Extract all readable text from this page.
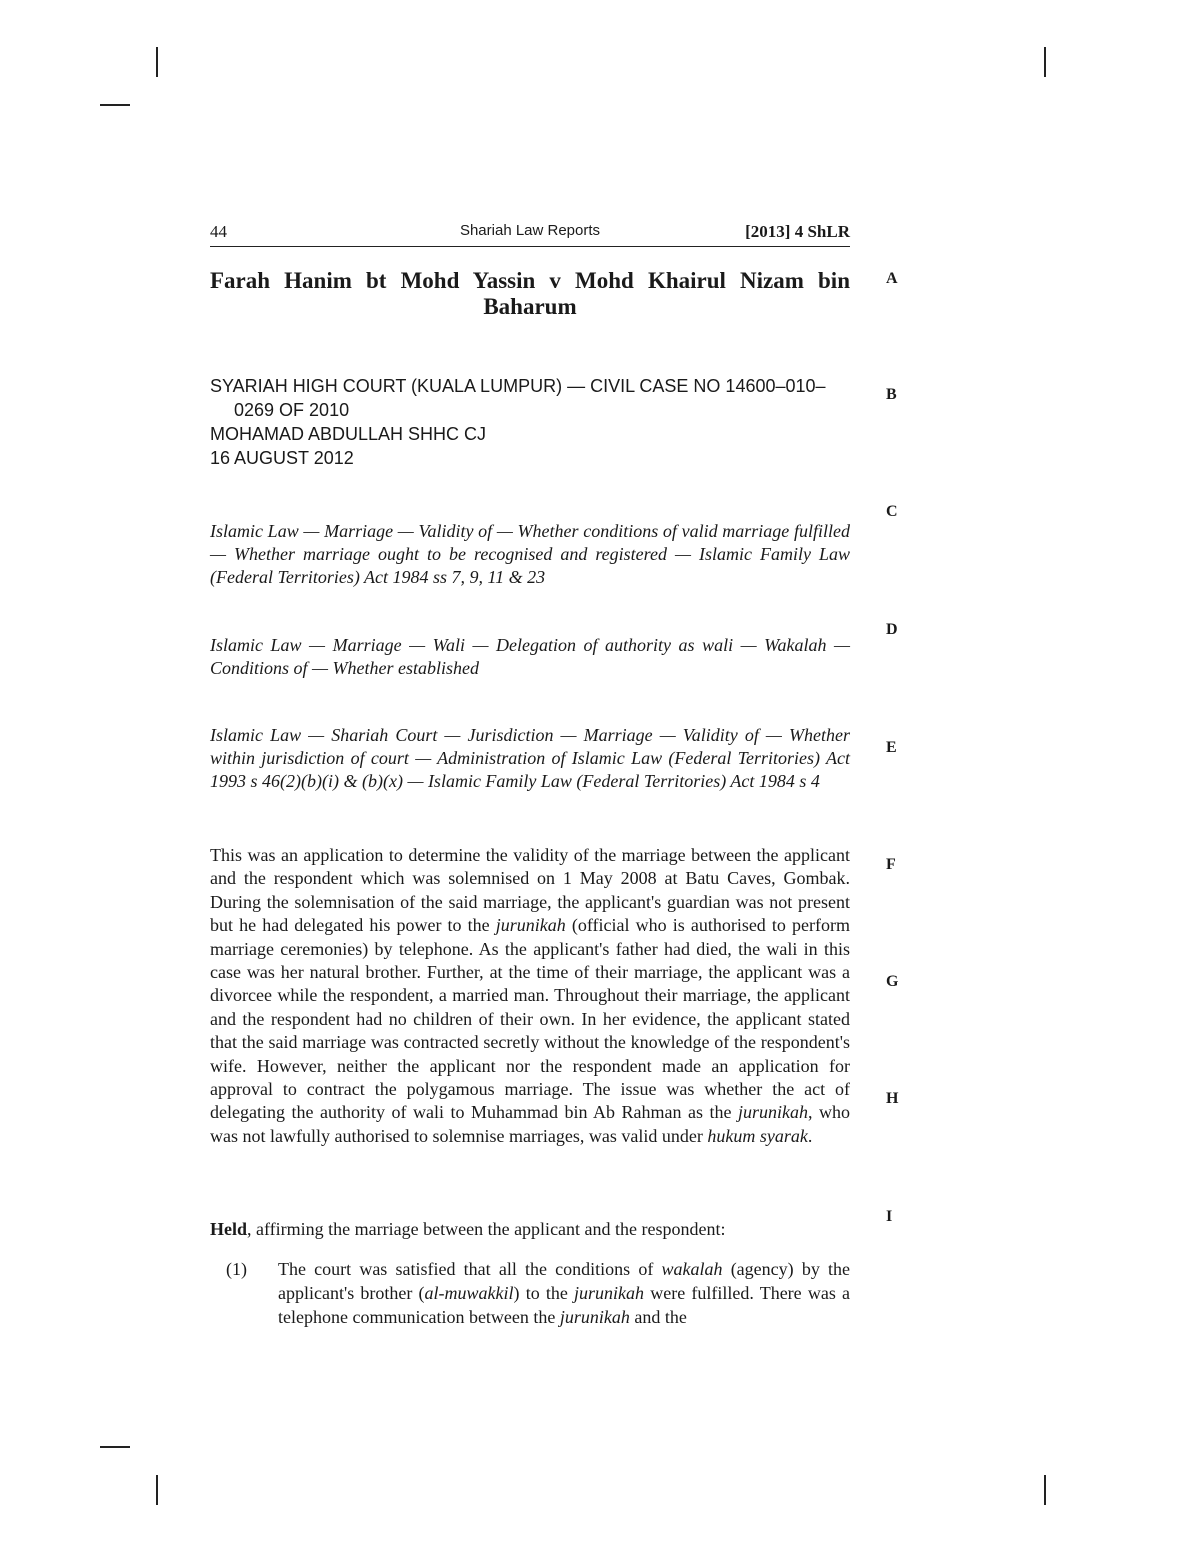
44	Shariah Law Reports	[2013] 4 ShLR
Farah Hanim bt Mohd Yassin v Mohd Khairul Nizam bin Baharum

SYARIAH HIGH COURT (KUALA LUMPUR) — CIVIL CASE NO 14600–010–0269 OF 2010

MOHAMAD ABDULLAH SHHC CJ

16 AUGUST 2012

Islamic Law — Marriage — Validity of — Whether conditions of valid marriage fulfilled — Whether marriage ought to be recognised and registered — Islamic Family Law (Federal Territories) Act 1984 ss 7, 9, 11 & 23
Islamic Law — Marriage — Wali — Delegation of authority as wali — Wakalah — Conditions of — Whether established
Islamic Law — Shariah Court — Jurisdiction — Marriage — Validity of — Whether within jurisdiction of court — Administration of Islamic Law (Federal Territories) Act 1993 s 46(2)(b)(i) & (b)(x) — Islamic Family Law (Federal Territories) Act 1984 s 4
This was an application to determine the validity of the marriage between the applicant and the respondent which was solemnised on 1 May 2008 at Batu Caves, Gombak. During the solemnisation of the said marriage, the applicant's guardian was not present but he had delegated his power to the jurunikah (official who is authorised to perform marriage ceremonies) by telephone. As the applicant's father had died, the wali in this case was her natural brother. Further, at the time of their marriage, the applicant was a divorcee while the respondent, a married man. Throughout their marriage, the applicant and the respondent had no children of their own. In her evidence, the applicant stated that the said marriage was contracted secretly without the knowledge of the respondent's wife. However, neither the applicant nor the respondent made an application for approval to contract the polygamous marriage. The issue was whether the act of delegating the authority of wali to Muhammad bin Ab Rahman as the jurunikah, who was not lawfully authorised to solemnise marriages, was valid under hukum syarak.
Held, affirming the marriage between the applicant and the respondent:
(1) The court was satisfied that all the conditions of wakalah (agency) by the applicant's brother (al-muwakkil) to the jurunikah were fulfilled. There was a telephone communication between the jurunikah and the
A
B
C
D
E
F
G
H
I
